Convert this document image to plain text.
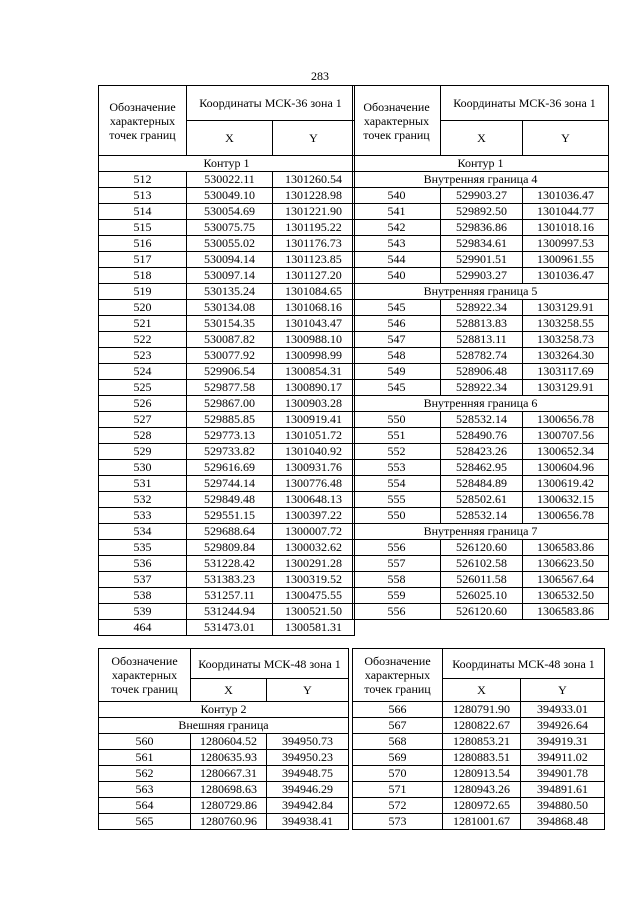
283
Обозначение характерных точек границ	Координаты МСК-36 зона 1	
	X	Y
Контур 1		
512	530022.11	1301260.54
513	530049.10	1301228.98
514	530054.69	1301221.90
515	530075.75	1301195.22
516	530055.02	1301176.73
517	530094.14	1301123.85
518	530097.14	1301127.20
519	530135.24	1301084.65
520	530134.08	1301068.16
521	530154.35	1301043.47
522	530087.82	1300988.10
523	530077.92	1300998.99
524	529906.54	1300854.31
525	529877.58	1300890.17
526	529867.00	1300903.28
527	529885.85	1300919.41
528	529773.13	1301051.72
529	529733.82	1301040.92
530	529616.69	1300931.76
531	529744.14	1300776.48
532	529849.48	1300648.13
533	529551.15	1300397.22
534	529688.64	1300007.72
535	529809.84	1300032.62
536	531228.42	1300291.28
537	531383.23	1300319.52
538	531257.11	1300475.55
539	531244.94	1300521.50
464	531473.01	1300581.31
Обозначение характерных точек границ	Координаты МСК-36 зона 1	
	X	Y
Контур 1		
Внутренняя граница 4		
540	529903.27	1301036.47
541	529892.50	1301044.77
542	529836.86	1301018.16
543	529834.61	1300997.53
544	529901.51	1300961.55
540	529903.27	1301036.47
Внутренняя граница 5		
545	528922.34	1303129.91
546	528813.83	1303258.55
547	528813.11	1303258.73
548	528782.74	1303264.30
549	528906.48	1303117.69
545	528922.34	1303129.91
Внутренняя граница 6		
550	528532.14	1300656.78
551	528490.76	1300707.56
552	528423.26	1300652.34
553	528462.95	1300604.96
554	528484.89	1300619.42
555	528502.61	1300632.15
550	528532.14	1300656.78
Внутренняя граница 7		
556	526120.60	1306583.86
557	526102.58	1306623.50
558	526011.58	1306567.64
559	526025.10	1306532.50
556	526120.60	1306583.86
Обозначение характерных точек границ	Координаты МСК-48 зона 1	
	X	Y
Контур 2		
Внешняя граница		
560	1280604.52	394950.73
561	1280635.93	394950.23
562	1280667.31	394948.75
563	1280698.63	394946.29
564	1280729.86	394942.84
565	1280760.96	394938.41
Обозначение характерных точек границ	Координаты МСК-48 зона 1	
	X	Y
566	1280791.90	394933.01
567	1280822.67	394926.64
568	1280853.21	394919.31
569	1280883.51	394911.02
570	1280913.54	394901.78
571	1280943.26	394891.61
572	1280972.65	394880.50
573	1281001.67	394868.48
